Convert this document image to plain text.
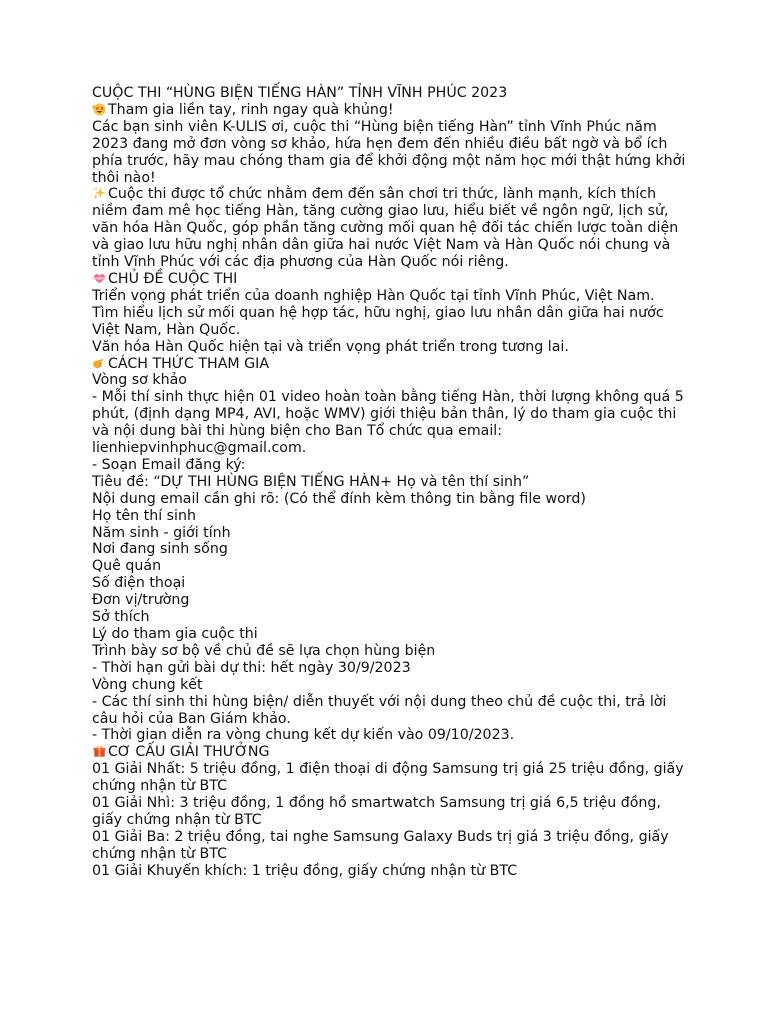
CUỘC THI “HÙNG BIỆN TIẾNG HÀN” TỈNH VĨNH PHÚC 2023
Tham gia liền tay, rinh ngay quà khủng!
Các bạn sinh viên K-ULIS ơi, cuộc thi “Hùng biện tiếng Hàn” tỉnh Vĩnh Phúc năm 2023 đang mở đơn vòng sơ khảo, hứa hẹn đem đến nhiều điều bất ngờ và bổ ích phía trước, hãy mau chóng tham gia để khởi động một năm học mới thật hứng khởi thôi nào!
Cuộc thi được tổ chức nhằm đem đến sân chơi tri thức, lành mạnh, kích thích niềm đam mê học tiếng Hàn, tăng cường giao lưu, hiểu biết về ngôn ngữ, lịch sử, văn hóa Hàn Quốc, góp phần tăng cường mối quan hệ đối tác chiến lược toàn diện và giao lưu hữu nghị nhân dân giữa hai nước Việt Nam và Hàn Quốc nói chung và tỉnh Vĩnh Phúc với các địa phương của Hàn Quốc nói riêng.
CHỦ ĐỀ CUỘC THI
Triển vọng phát triển của doanh nghiệp Hàn Quốc tại tỉnh Vĩnh Phúc, Việt Nam.
Tìm hiểu lịch sử mối quan hệ hợp tác, hữu nghị, giao lưu nhân dân giữa hai nước Việt Nam, Hàn Quốc.
Văn hóa Hàn Quốc hiện tại và triển vọng phát triển trong tương lai.
CÁCH THỨC THAM GIA
Vòng sơ khảo
- Mỗi thí sinh thực hiện 01 video hoàn toàn bằng tiếng Hàn, thời lượng không quá 5 phút, (định dạng MP4, AVI, hoặc WMV) giới thiệu bản thân, lý do tham gia cuộc thi và nội dung bài thi hùng biện cho Ban Tổ chức qua email: lienhiepvinhphuc@gmail.com.
- Soạn Email đăng ký:
Tiêu đề: “DỰ THI HÙNG BIỆN TIẾNG HÀN+ Họ và tên thí sinh”
Nội dung email cần ghi rõ: (Có thể đính kèm thông tin bằng file word)
Họ tên thí sinh
Năm sinh - giới tính
Nơi đang sinh sống
Quê quán
Số điện thoại
Đơn vị/trường
Sở thích
Lý do tham gia cuộc thi
Trình bày sơ bộ về chủ đề sẽ lựa chọn hùng biện
- Thời hạn gửi bài dự thi: hết ngày 30/9/2023
Vòng chung kết
- Các thí sinh thi hùng biện/ diễn thuyết với nội dung theo chủ đề cuộc thi, trả lời câu hỏi của Ban Giám khảo.
- Thời gian diễn ra vòng chung kết dự kiến vào 09/10/2023.
CƠ CẤU GIẢI THƯỞNG
01 Giải Nhất: 5 triệu đồng, 1 điện thoại di động Samsung trị giá 25 triệu đồng, giấy chứng nhận từ BTC
01 Giải Nhì: 3 triệu đồng, 1 đồng hồ smartwatch Samsung trị giá 6,5 triệu đồng, giấy chứng nhận từ BTC
01 Giải Ba: 2 triệu đồng, tai nghe Samsung Galaxy Buds trị giá 3 triệu đồng, giấy chứng nhận từ BTC
01 Giải Khuyến khích: 1 triệu đồng, giấy chứng nhận từ BTC
